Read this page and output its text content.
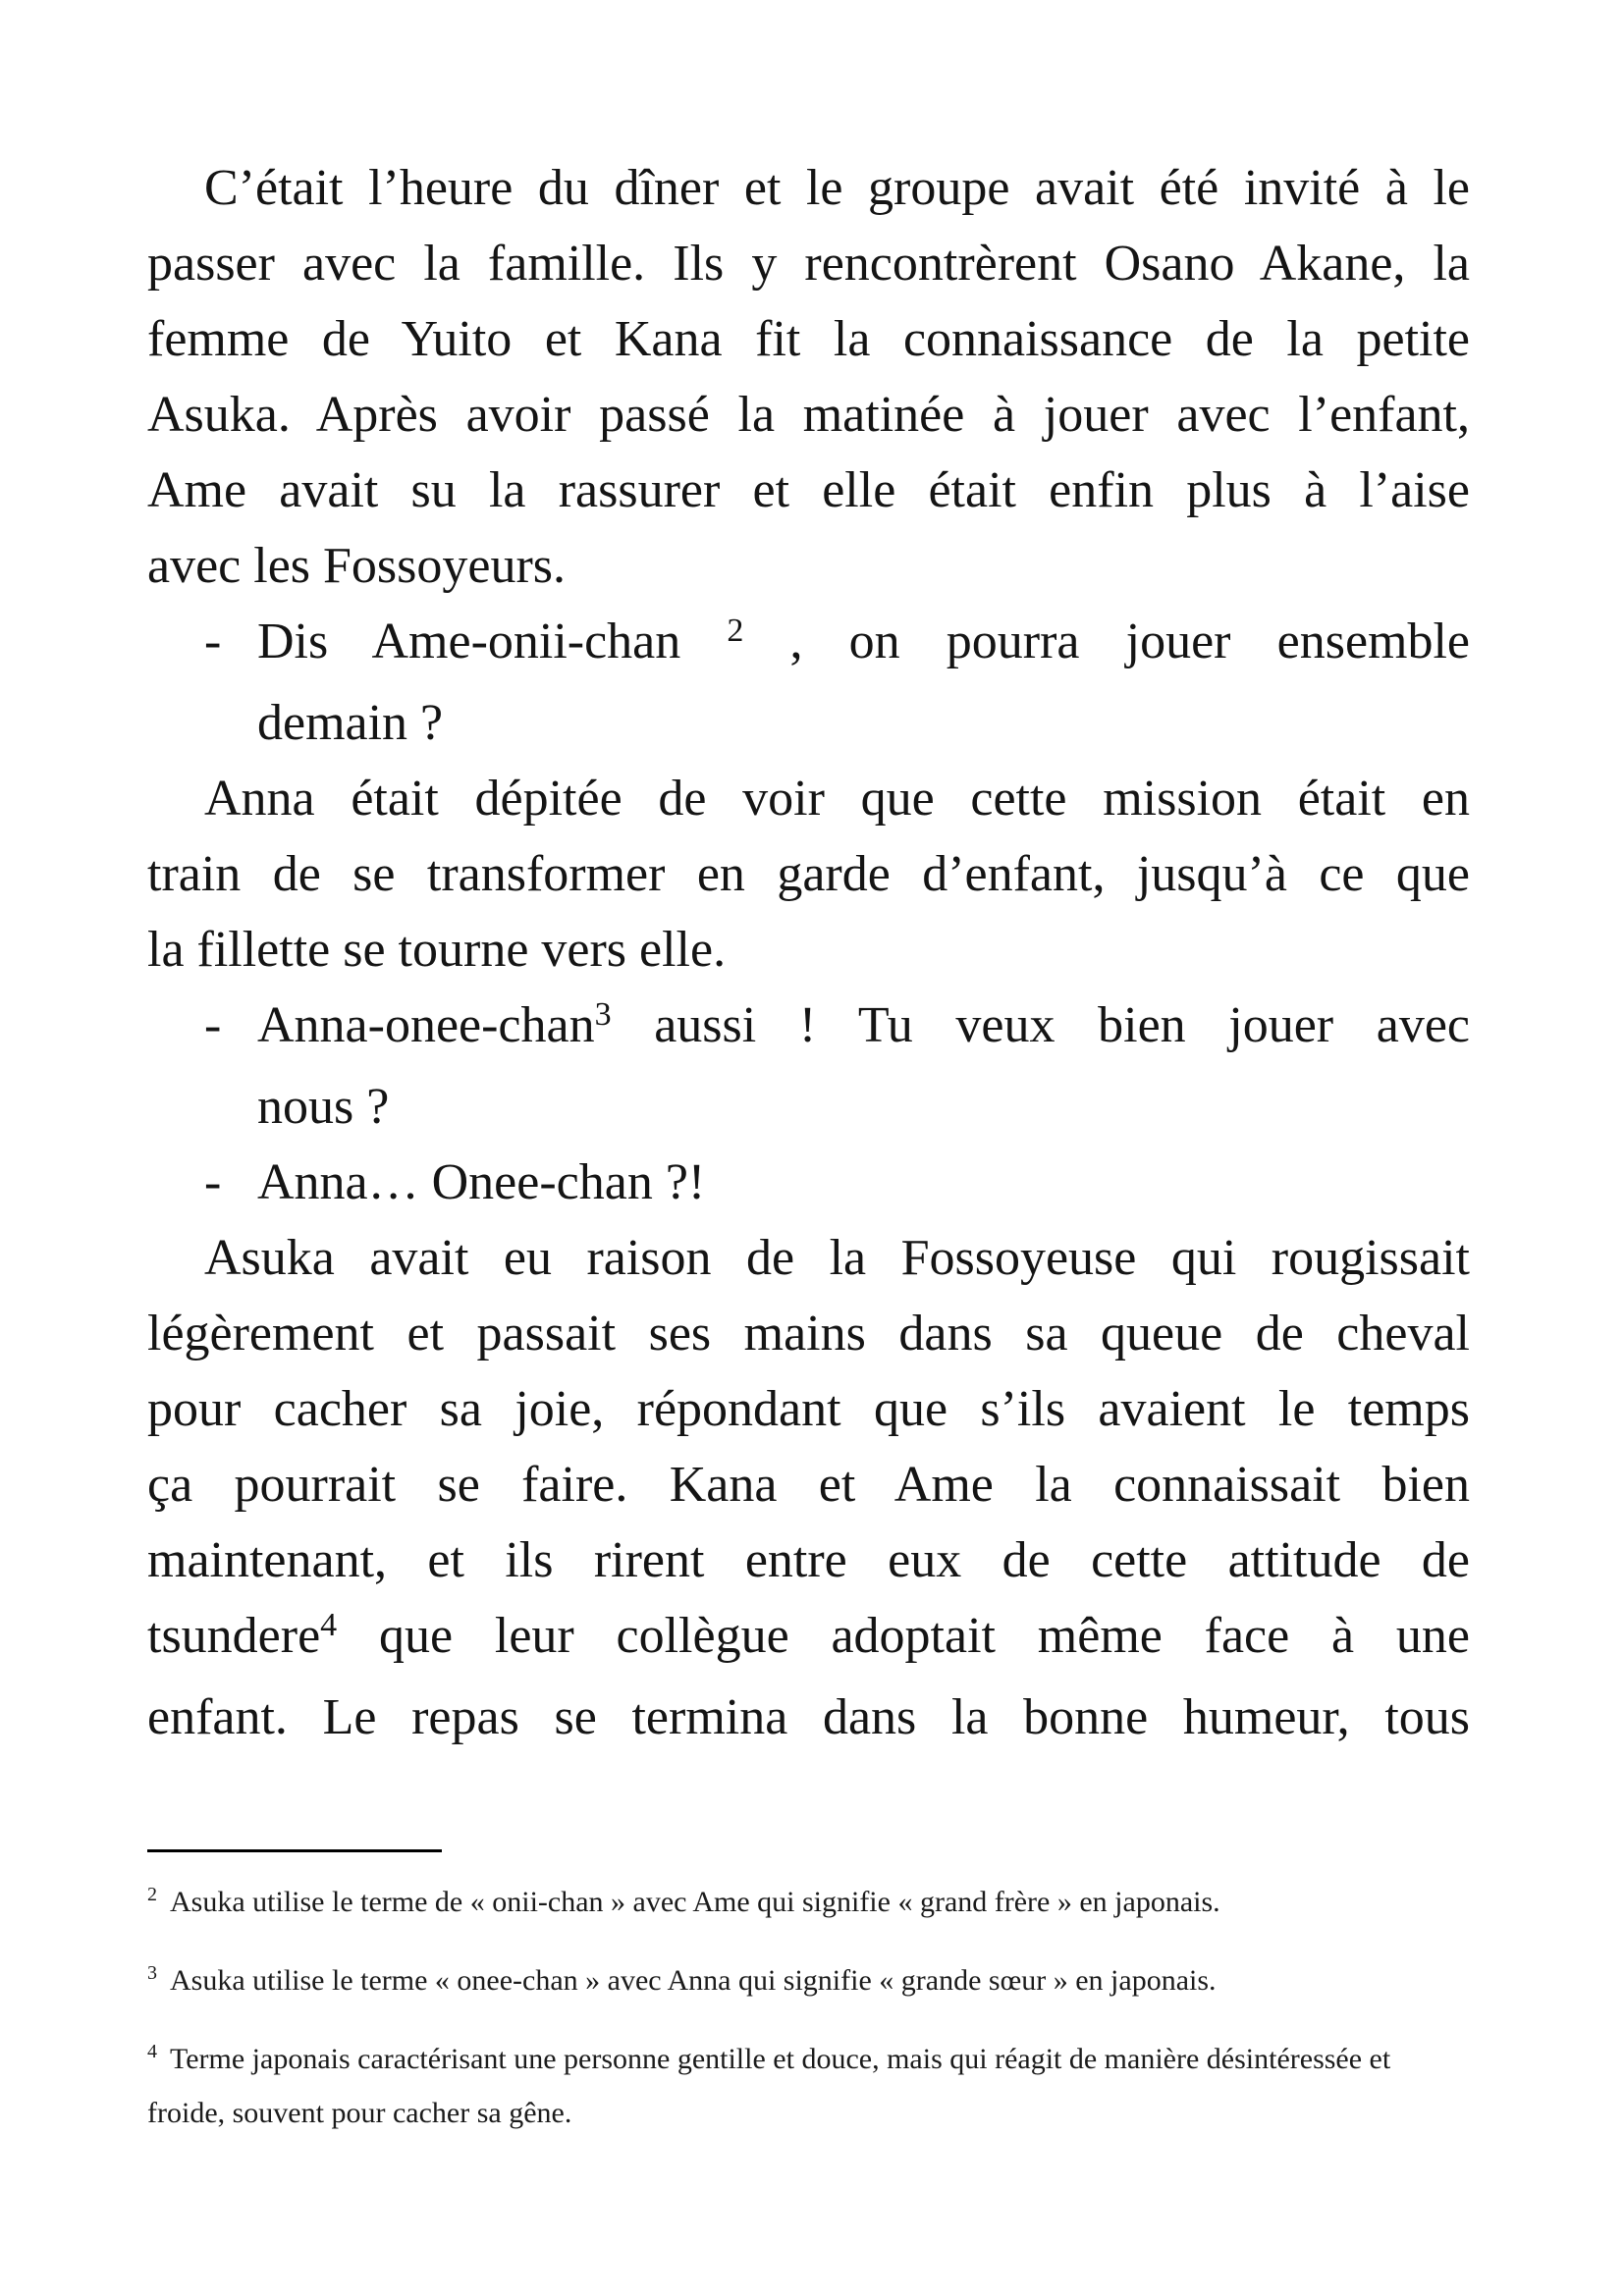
C’était l’heure du dîner et le groupe avait été invité à le
passer avec la famille. Ils y rencontrèrent Osano Akane, la
femme de Yuito et Kana fit la connaissance de la petite
Asuka. Après avoir passé la matinée à jouer avec l’enfant,
Ame avait su la rassurer et elle était enfin plus à l’aise
avec les Fossoyeurs.
- Dis Ame-onii-chan $^2$ , on pourra jouer ensemble
demain ?
Anna était dépitée de voir que cette mission était en
train de se transformer en garde d’enfant, jusqu’à ce que
la fillette se tourne vers elle.
- Anna-onee-chan$^3$ aussi ! Tu veux bien jouer avec
nous ?
- Anna… Onee-chan ?!
Asuka avait eu raison de la Fossoyeuse qui rougissait
légèrement et passait ses mains dans sa queue de cheval
pour cacher sa joie, répondant que s’ils avaient le temps
ça pourrait se faire. Kana et Ame la connaissait bien
maintenant, et ils rirent entre eux de cette attitude de
tsundere$^4$ que leur collègue adoptait même face à une
enfant. Le repas se termina dans la bonne humeur, tous
$^2$ Asuka utilise le terme de « onii-chan » avec Ame qui signifie « grand frère » en japonais.
$^3$ Asuka utilise le terme « onee-chan » avec Anna qui signifie « grande sœur » en japonais.
$^4$ Terme japonais caractérisant une personne gentille et douce, mais qui réagit de manière désintéressée et froide, souvent pour cacher sa gêne.
